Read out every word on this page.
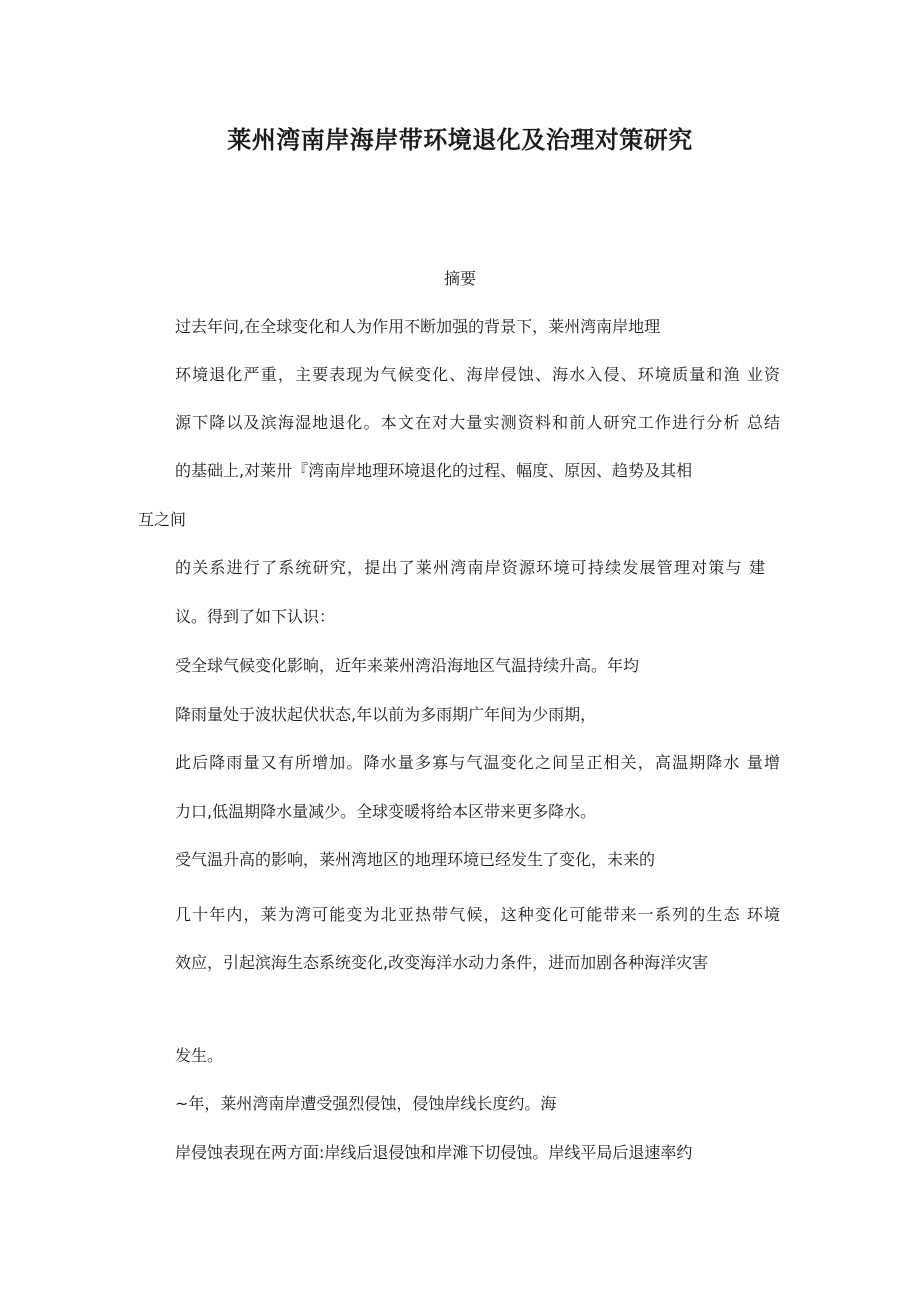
莱州湾南岸海岸带环境退化及治理对策研究
摘要
过去年问,在全球变化和人为作用不断加强的背景下，莱州湾南岸地理
环境退化严重，主要表现为气候变化、海岸侵蚀、海水入侵、环境质量和渔 业资
源下降以及滨海湿地退化。本文在对大量实测资料和前人研究工作进行分析 总结
的基础上,对莱卅『湾南岸地理环境退化的过程、幅度、原因、趋势及其相
互之间
的关系进行了系统研究，提出了莱州湾南岸资源环境可持续发展管理对策与 建
议。得到了如下认识：
受全球气候变化影晌，近年来莱州湾沿海地区气温持续升高。年均
降雨量处于波状起伏状态,年以前为多雨期广年间为少雨期，
此后降雨量又有所增加。降水量多寡与气温变化之间呈正相关，高温期降水 量增
力口,低温期降水量减少。全球变暖将给本区带来更多降水。
受气温升高的影响，莱州湾地区的地理环境已经发生了变化，未来的
几十年内，莱为湾可能变为北亚热带气候，这种变化可能带来一系列的生态 环境
效应，引起滨海生态系统变化,改变海洋水动力条件，进而加剧各种海洋灾害
发生。
~年，莱州湾南岸遭受强烈侵蚀，侵蚀岸线长度约。海
岸侵蚀表现在两方面:岸线后退侵蚀和岸滩下切侵蚀。岸线平局后退速率约
